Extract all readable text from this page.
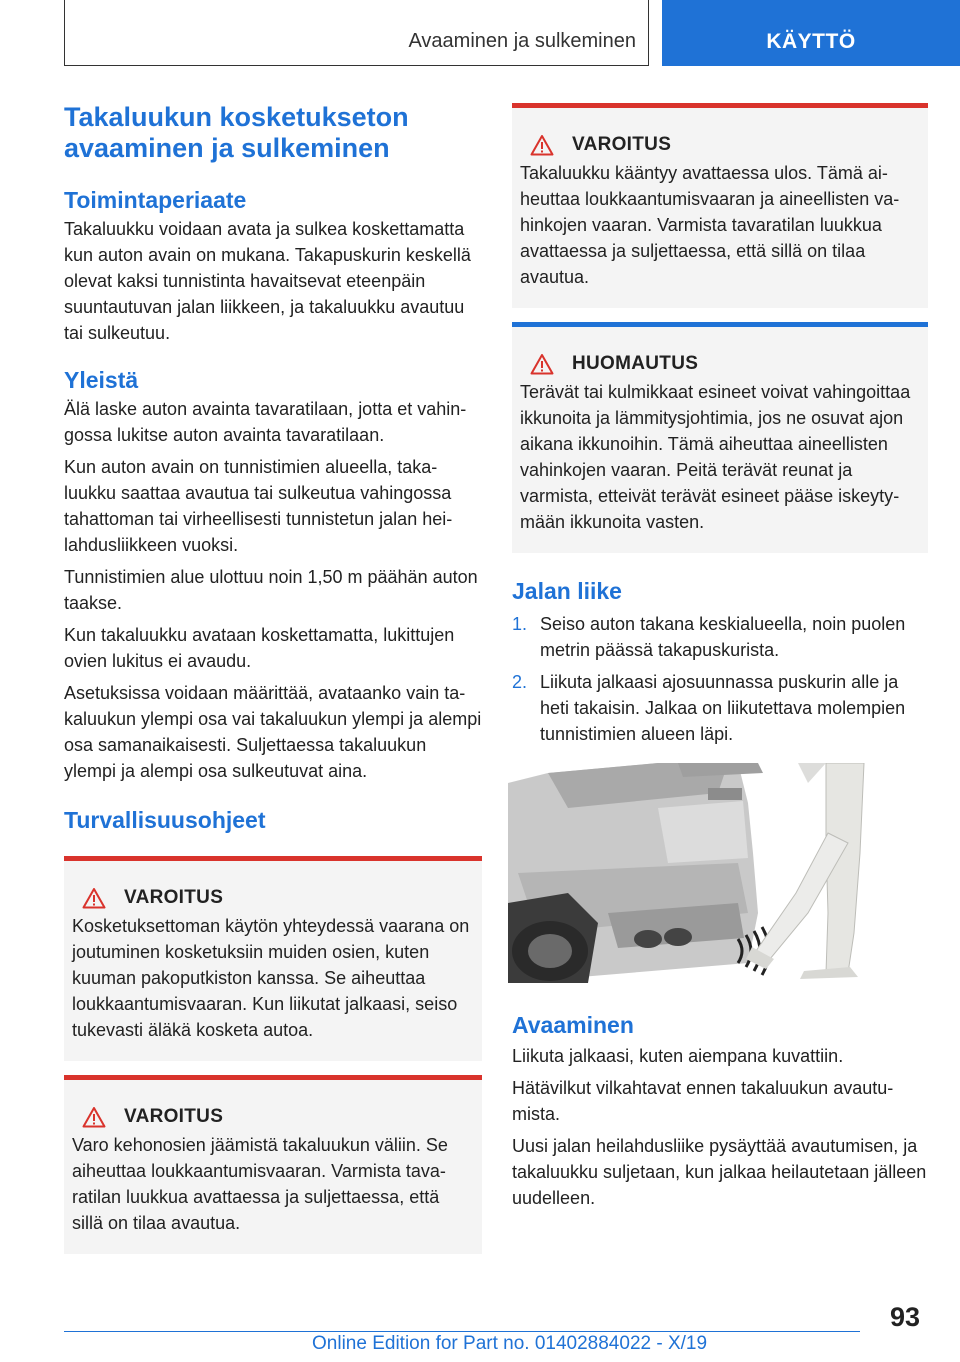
Avaaminen ja sulkeminen	KÄYTTÖ
Takaluukun kosketukseton avaaminen ja sulkeminen
Toimintaperiaate

Takaluukku voidaan avata ja sulkea koskettamatta kun auton avain on mukana. Takapuskurin keskellä olevat kaksi tunnistinta havaitsevat eteenpäin suuntautuvan jalan liikkeen, ja takaluukku avautuu tai sulkeutuu.

Yleistä

Älä laske auton avainta tavaratilaan, jotta et vahingossa lukitse auton avainta tavaratilaan.

Kun auton avain on tunnistimien alueella, takaluukku saattaa avautua tai sulkeutua vahingossa tahattoman tai virheellisesti tunnistetun jalan heilahdusliikkeen vuoksi.

Tunnistimien alue ulottuu noin 1,50 m päähän auton taakse.

Kun takaluukku avataan koskettamatta, lukittujen ovien lukitus ei avaudu.

Asetuksissa voidaan määrittää, avataanko vain takaluukun ylempi osa vai takaluukun ylempi ja alempi osa samanaikaisesti. Suljettaessa takaluukun ylempi ja alempi osa sulkeutuvat aina.

Turvallisuusohjeet
VAROITUS

Kosketuksettoman käytön yhteydessä vaarana on joutuminen kosketuksiin muiden osien, kuten kuuman pakoputkiston kanssa. Se aiheuttaa loukkaantumisvaaran. Kun liikutat jalkaasi, seiso tukevasti äläkä kosketa autoa.

VAROITUS

Varo kehonosien jäämistä takaluukun väliin. Se aiheuttaa loukkaantumisvaaran. Varmista tavaratilan luukkua avattaessa ja suljettaessa, että sillä on tilaa avautua.

VAROITUS

Takaluukku kääntyy avattaessa ulos. Tämä aiheuttaa loukkaantumisvaaran ja aineellisten vahinkojen vaaran. Varmista tavaratilan luukkua avattaessa ja suljettaessa, että sillä on tilaa avautua.

HUOMAUTUS

Terävät tai kulmikkaat esineet voivat vahingoittaa ikkunoita ja lämmitysjohtimia, jos ne osuvat ajon aikana ikkunoihin. Tämä aiheuttaa aineellisten vahinkojen vaaran. Peitä terävät reunat ja varmista, etteivät terävät esineet pääse iskeytymään ikkunoita vasten.

Jalan liike
1. Seiso auton takana keskialueella, noin puolen metrin päässä takapuskurista.
2. Liikuta jalkaasi ajosuunnassa puskurin alle ja heti takaisin. Jalkaa on liikutettava molempien tunnistimien alueen läpi.
Avaaminen

Liikuta jalkaasi, kuten aiempana kuvattiin.

Hätävilkut vilkahtavat ennen takaluukun avautumista.

Uusi jalan heilahdusliike pysäyttää avautumisen, ja takaluukku suljetaan, kun jalkaa heilautetaan jälleen uudelleen.

93
Online Edition for Part no. 01402884022 - X/19
